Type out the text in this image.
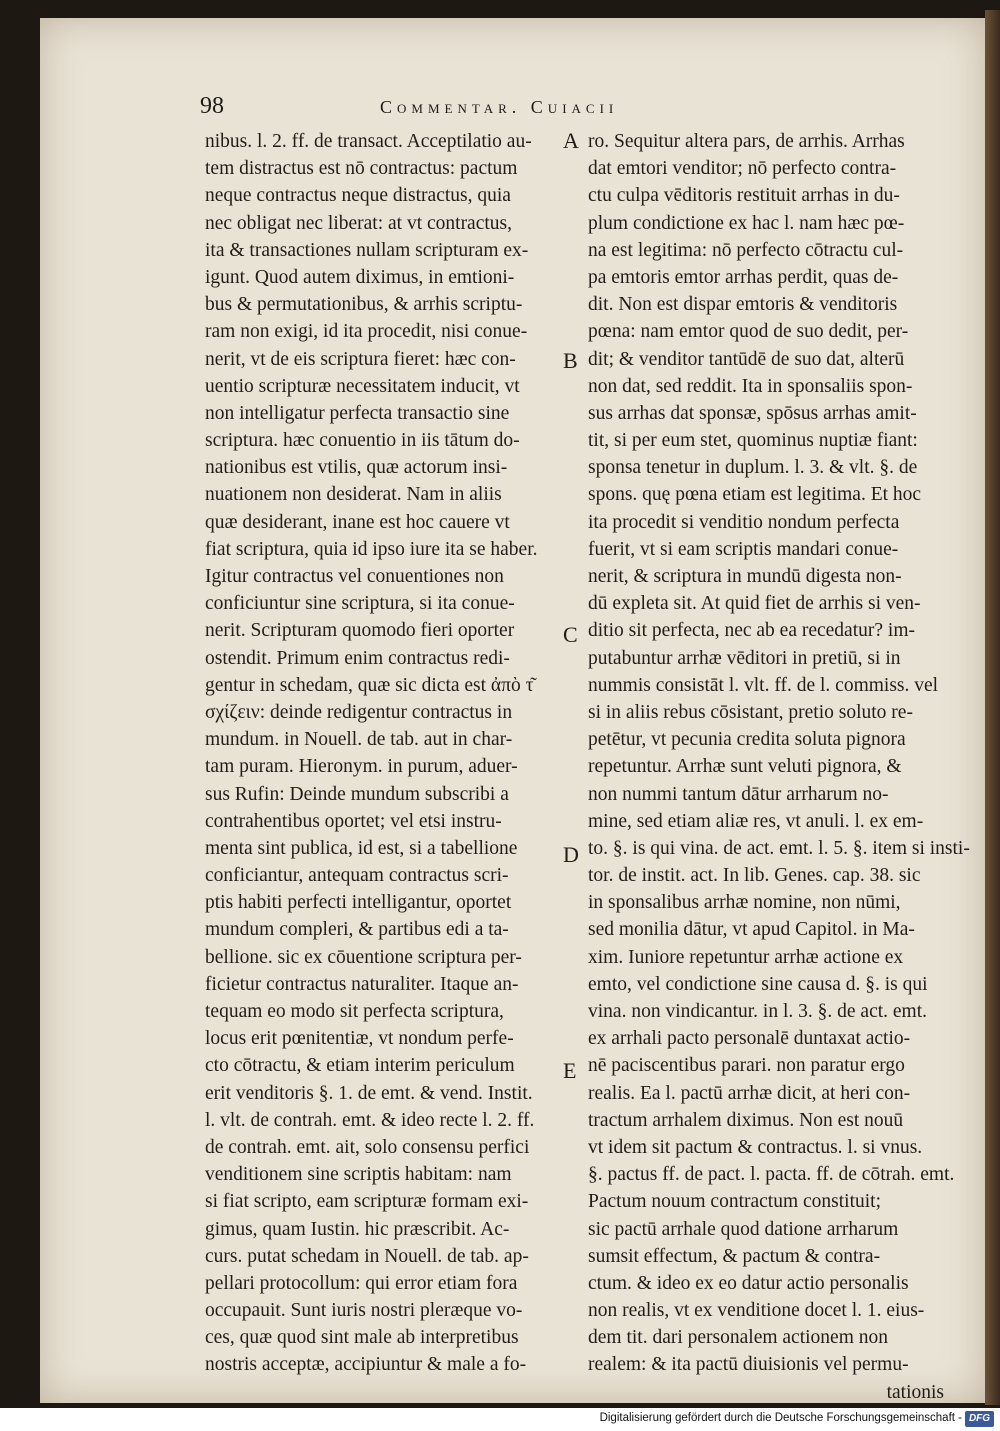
98	Commentar. Cuiacii
nibus. l. 2. ff. de transact. Acceptilatio au-
tem distractus est nō contractus: pactum
neque contractus neque distractus, quia
nec obligat nec liberat: at vt contractus,
ita & transactiones nullam scripturam ex-
igunt. Quod autem diximus, in emtioni-
bus & permutationibus, & arrhis scriptu-
ram non exigi, id ita procedit, nisi conue-
nerit, vt de eis scriptura fieret: hæc con-
uentio scripturæ necessitatem inducit, vt
non intelligatur perfecta transactio sine
scriptura. hæc conuentio in iis tātum do-
nationibus est vtilis, quæ actorum insi-
nuationem non desiderat. Nam in aliis
quæ desiderant, inane est hoc cauere vt
fiat scriptura, quia id ipso iure ita se haber.
Igitur contractus vel conuentiones non
conficiuntur sine scriptura, si ita conue-
nerit. Scripturam quomodo fieri oporter
ostendit. Primum enim contractus redi-
gentur in schedam, quæ sic dicta est ἀπὸ τ͂
σχίζειν: deinde redigentur contractus in
mundum. in Nouell. de tab. aut in char-
tam puram. Hieronym. in purum, aduer-
sus Rufin: Deinde mundum subscribi a
contrahentibus oportet; vel etsi instru-
menta sint publica, id est, si a tabellione
conficiantur, antequam contractus scri-
ptis habiti perfecti intelligantur, oportet
mundum compleri, & partibus edi a ta-
bellione. sic ex cōuentione scriptura per-
ficietur contractus naturaliter. Itaque an-
tequam eo modo sit perfecta scriptura,
locus erit pœnitentiæ, vt nondum perfe-
cto cōtractu, & etiam interim periculum
erit venditoris §. 1. de emt. & vend. Instit.
l. vlt. de contrah. emt. & ideo recte l. 2. ff.
de contrah. emt. ait, solo consensu perfici
venditionem sine scriptis habitam: nam
si fiat scripto, eam scripturæ formam exi-
gimus, quam Iustin. hic præscribit. Ac-
curs. putat schedam in Nouell. de tab. ap-
pellari protocollum: qui error etiam fora
occupauit. Sunt iuris nostri pleræque vo-
ces, quæ quod sint male ab interpretibus
nostris acceptæ, accipiuntur & male a fo-
ro. Sequitur altera pars, de arrhis. Arrhas
dat emtori venditor; nō perfecto contra-
ctu culpa vēditoris restituit arrhas in du-
plum condictione ex hac l. nam hæc pœ-
na est legitima: nō perfecto cōtractu cul-
pa emtoris emtor arrhas perdit, quas de-
dit. Non est dispar emtoris & venditoris
pœna: nam emtor quod de suo dedit, per-
dit; & venditor tantūdē de suo dat, alterū
non dat, sed reddit. Ita in sponsaliis spon-
sus arrhas dat sponsæ, spōsus arrhas amit-
tit, si per eum stet, quominus nuptiæ fiant:
sponsa tenetur in duplum. l. 3. & vlt. §. de
spons. quę pœna etiam est legitima. Et hoc
ita procedit si venditio nondum perfecta
fuerit, vt si eam scriptis mandari conue-
nerit, & scriptura in mundū digesta non-
dū expleta sit. At quid fiet de arrhis si ven-
ditio sit perfecta, nec ab ea recedatur? im-
putabuntur arrhæ vēditori in pretiū, si in
nummis consistāt l. vlt. ff. de l. commiss. vel
si in aliis rebus cōsistant, pretio soluto re-
petētur, vt pecunia credita soluta pignora
repetuntur. Arrhæ sunt veluti pignora, &
non nummi tantum dātur arrharum no-
mine, sed etiam aliæ res, vt anuli. l. ex em-
to. §. is qui vina. de act. emt. l. 5. §. item si insti-
tor. de instit. act. In lib. Genes. cap. 38. sic
in sponsalibus arrhæ nomine, non nūmi,
sed monilia dātur, vt apud Capitol. in Ma-
xim. Iuniore repetuntur arrhæ actione ex
emto, vel condictione sine causa d. §. is qui
vina. non vindicantur. in l. 3. §. de act. emt.
ex arrhali pacto personalē duntaxat actio-
nē paciscentibus parari. non paratur ergo
realis. Ea l. pactū arrhæ dicit, at heri con-
tractum arrhalem diximus. Non est nouū
vt idem sit pactum & contractus. l. si vnus.
§. pactus ff. de pact. l. pacta. ff. de cōtrah. emt.
Pactum nouum contractum constituit;
sic pactū arrhale quod datione arrharum
sumsit effectum, & pactum & contra-
ctum. & ideo ex eo datur actio personalis
non realis, vt ex venditione docet l. 1. eius-
dem tit. dari personalem actionem non
realem: & ita pactū diuisionis vel permu-
tationis
A
B
C
D
E
Digitalisierung gefördert durch die Deutsche Forschungsgemeinschaft - DFG
